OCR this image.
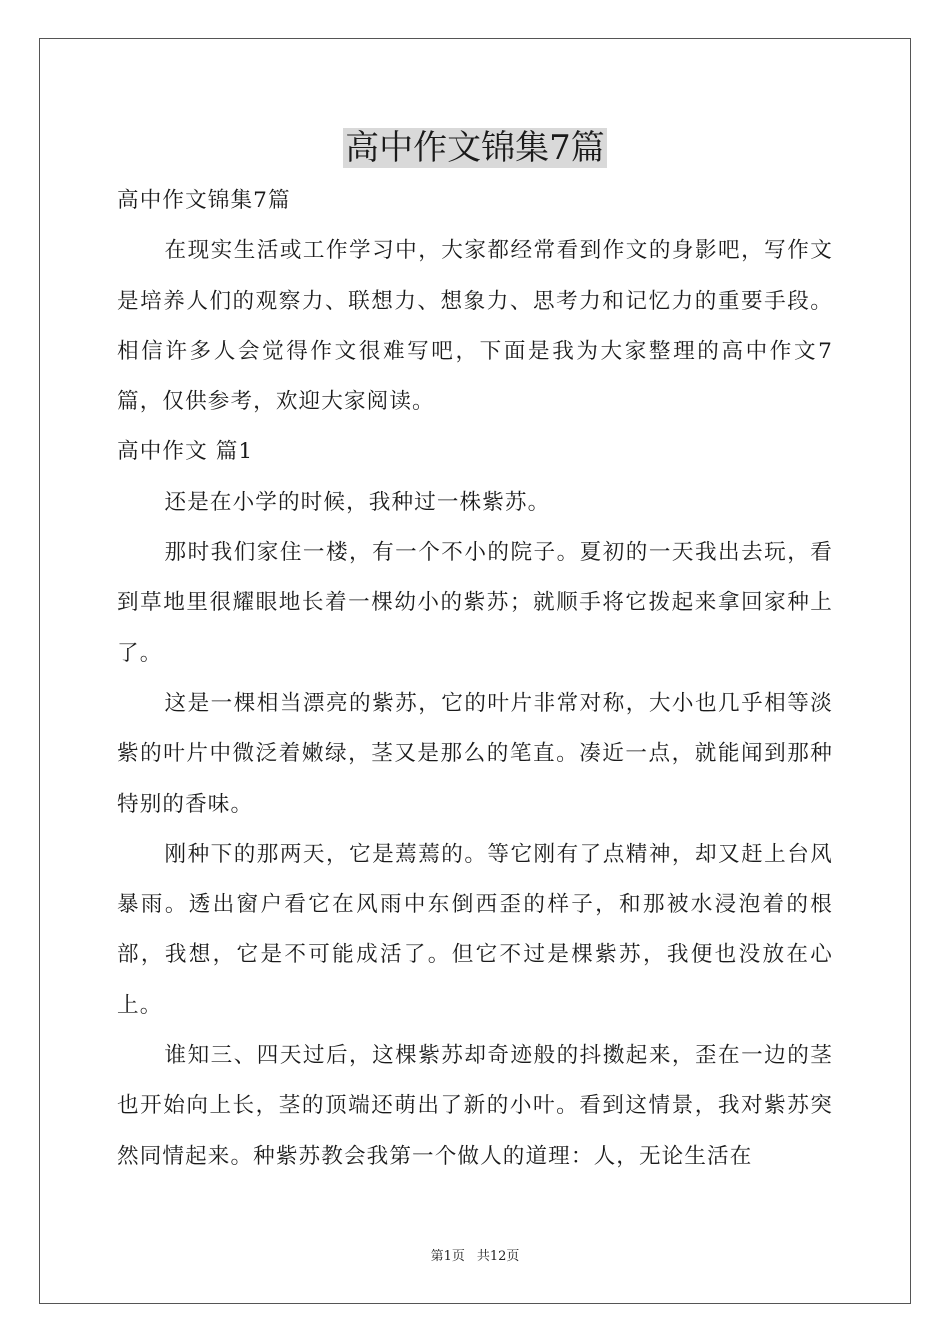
高中作文锦集7篇

高中作文锦集7篇

在现实生活或工作学习中，大家都经常看到作文的身影吧，写作文是培养人们的观察力、联想力、想象力、思考力和记忆力的重要手段。相信许多人会觉得作文很难写吧，下面是我为大家整理的高中作文7篇，仅供参考，欢迎大家阅读。

高中作文 篇1

还是在小学的时候，我种过一株紫苏。

那时我们家住一楼，有一个不小的院子。夏初的一天我出去玩，看到草地里很耀眼地长着一棵幼小的紫苏；就顺手将它拨起来拿回家种上了。

这是一棵相当漂亮的紫苏，它的叶片非常对称，大小也几乎相等淡紫的叶片中微泛着嫩绿，茎又是那么的笔直。凑近一点，就能闻到那种特别的香味。

刚种下的那两天，它是蔫蔫的。等它刚有了点精神，却又赶上台风暴雨。透出窗户看它在风雨中东倒西歪的样子，和那被水浸泡着的根部，我想，它是不可能成活了。但它不过是棵紫苏，我便也没放在心上。

谁知三、四天过后，这棵紫苏却奇迹般的抖擞起来，歪在一边的茎也开始向上长，茎的顶端还萌出了新的小叶。看到这情景，我对紫苏突然同情起来。种紫苏教会我第一个做人的道理：人，无论生活在

第1页 共12页
